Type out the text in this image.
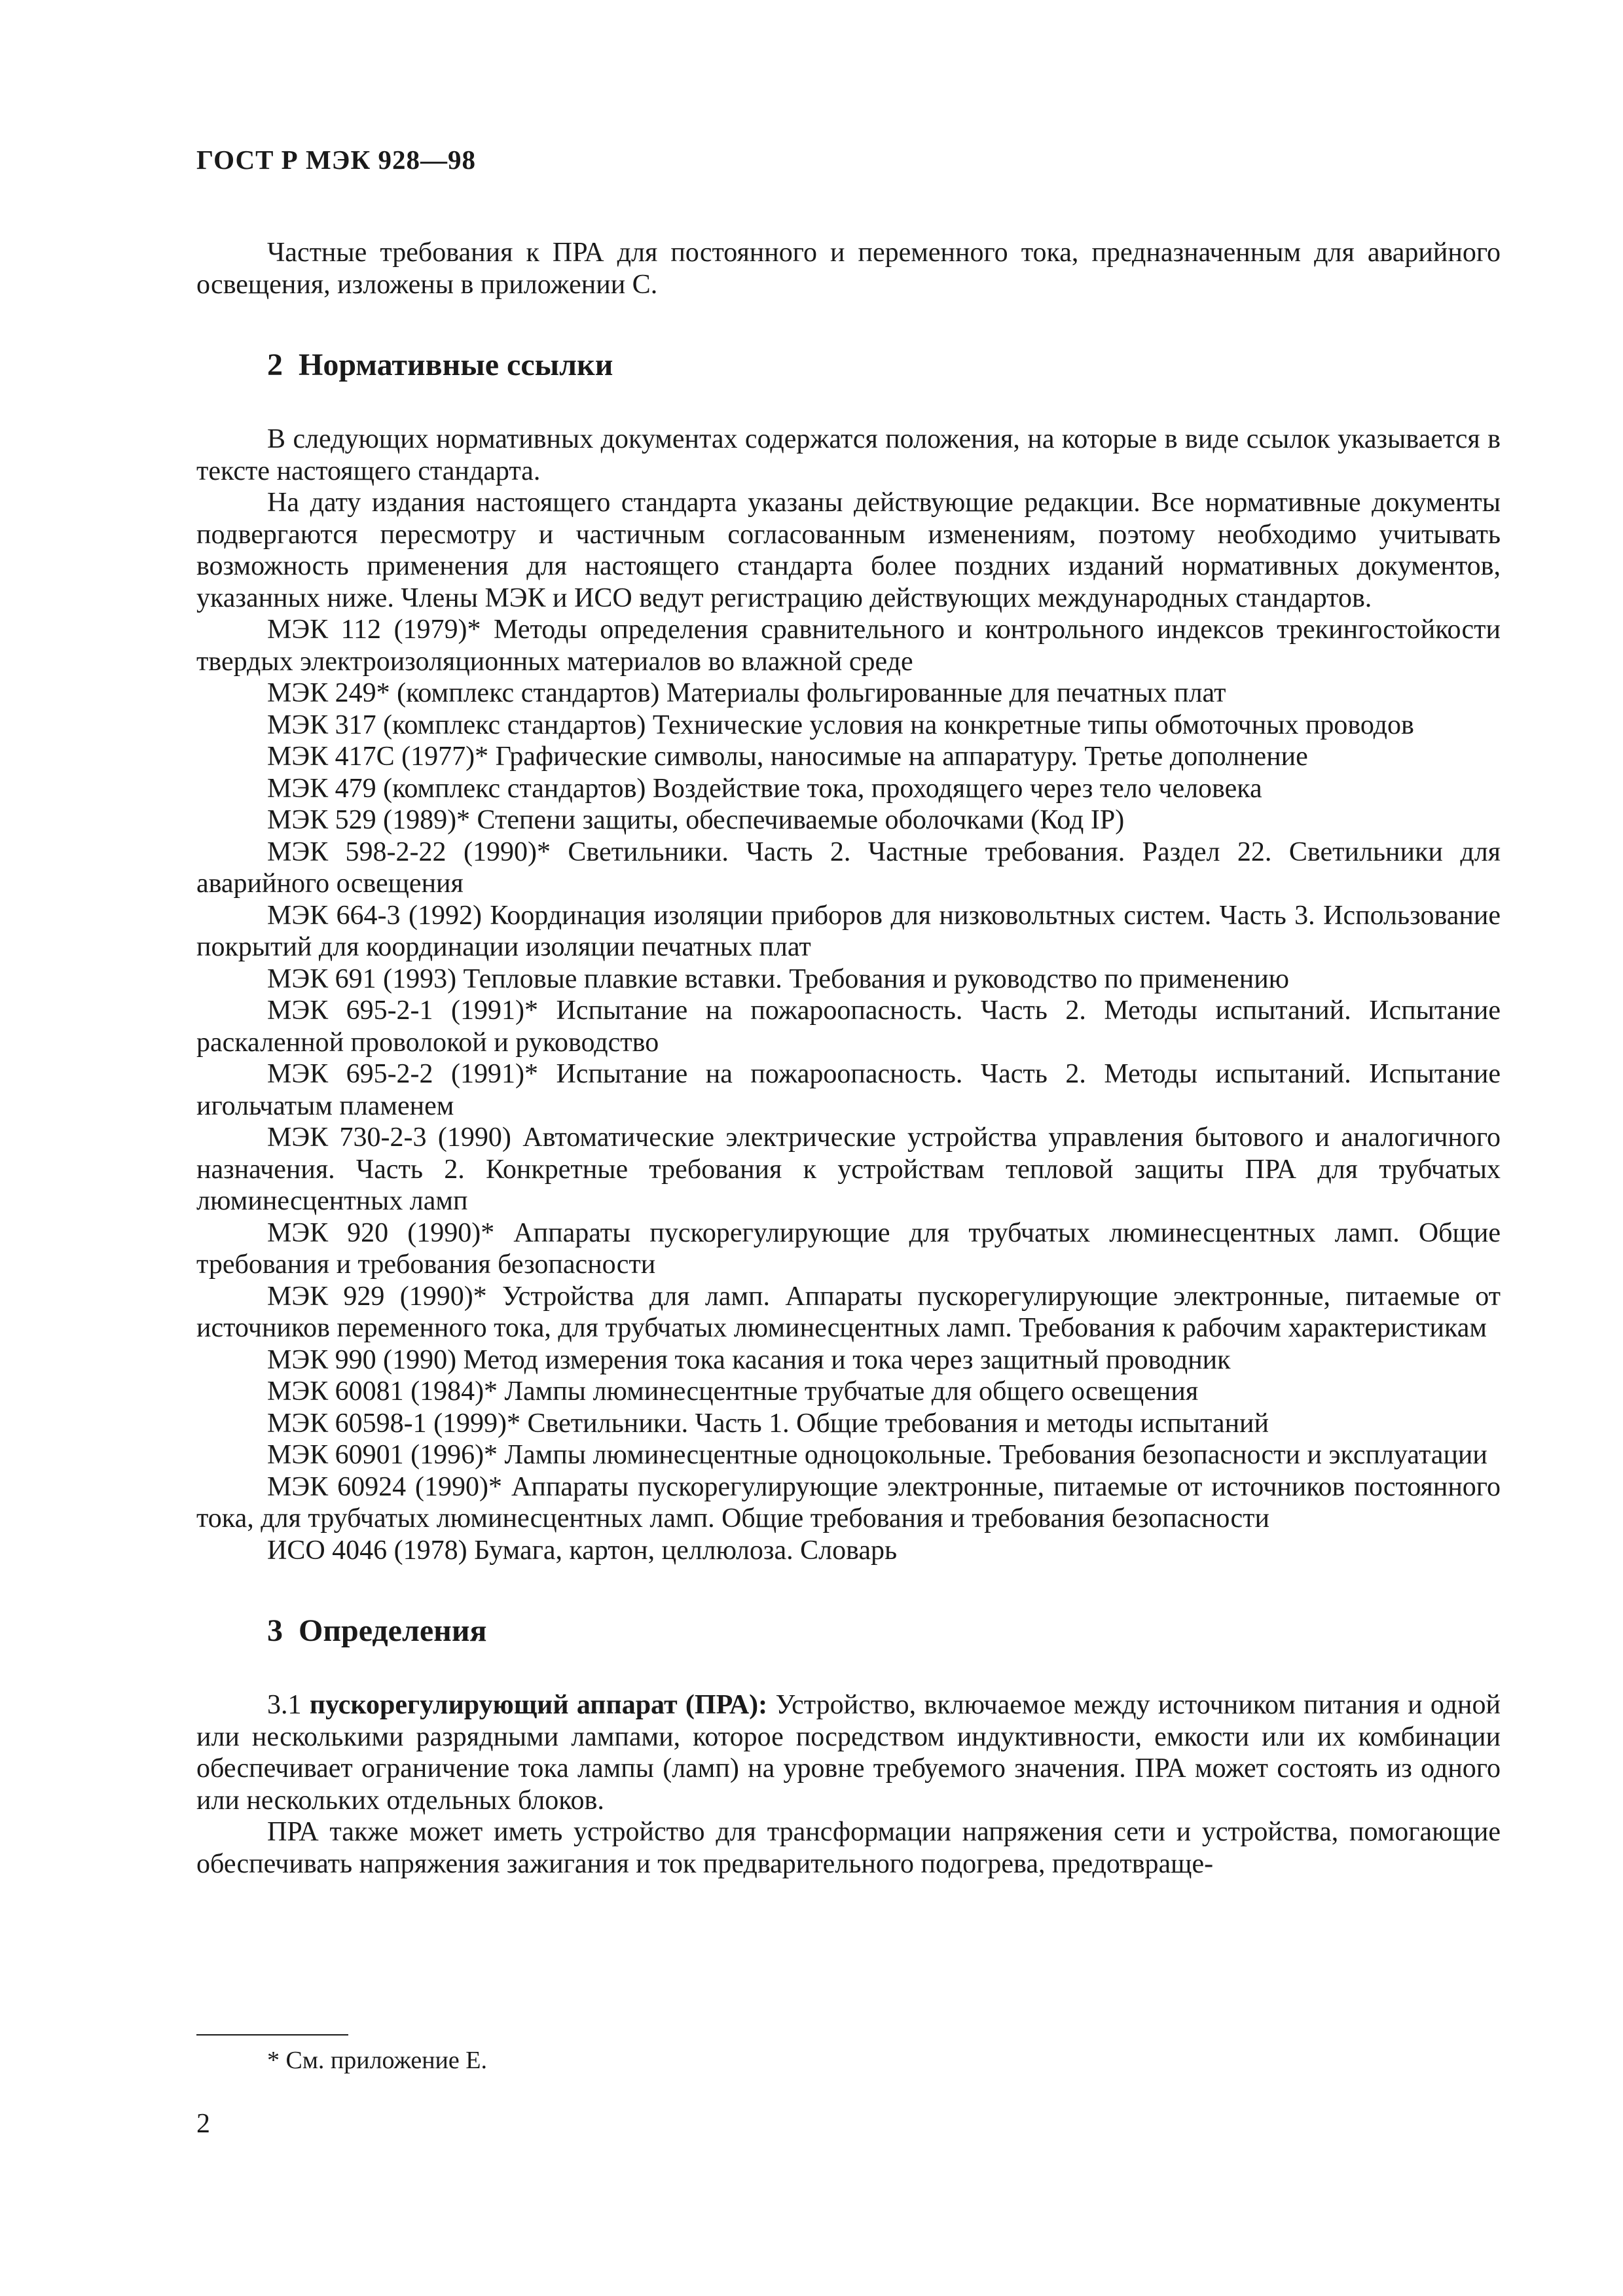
ГОСТ Р МЭК 928—98

Частные требования к ПРА для постоянного и переменного тока, предназначенным для аварийного освещения, изложены в приложении С.

2 Нормативные ссылки

В следующих нормативных документах содержатся положения, на которые в виде ссылок указывается в тексте настоящего стандарта.

На дату издания настоящего стандарта указаны действующие редакции. Все нормативные документы подвергаются пересмотру и частичным согласованным изменениям, поэтому необходимо учитывать возможность применения для настоящего стандарта более поздних изданий нормативных документов, указанных ниже. Члены МЭК и ИСО ведут регистрацию действующих международных стандартов.

МЭК 112 (1979)* Методы определения сравнительного и контрольного индексов трекингостойкости твердых электроизоляционных материалов во влажной среде

МЭК 249* (комплекс стандартов) Материалы фольгированные для печатных плат

МЭК 317 (комплекс стандартов) Технические условия на конкретные типы обмоточных проводов

МЭК 417С (1977)* Графические символы, наносимые на аппаратуру. Третье дополнение

МЭК 479 (комплекс стандартов) Воздействие тока, проходящего через тело человека

МЭК 529 (1989)* Степени защиты, обеспечиваемые оболочками (Код IP)

МЭК 598-2-22 (1990)* Светильники. Часть 2. Частные требования. Раздел 22. Светильники для аварийного освещения

МЭК 664-3 (1992) Координация изоляции приборов для низковольтных систем. Часть 3. Использование покрытий для координации изоляции печатных плат

МЭК 691 (1993) Тепловые плавкие вставки. Требования и руководство по применению

МЭК 695-2-1 (1991)* Испытание на пожароопасность. Часть 2. Методы испытаний. Испытание раскаленной проволокой и руководство

МЭК 695-2-2 (1991)* Испытание на пожароопасность. Часть 2. Методы испытаний. Испытание игольчатым пламенем

МЭК 730-2-3 (1990) Автоматические электрические устройства управления бытового и аналогичного назначения. Часть 2. Конкретные требования к устройствам тепловой защиты ПРА для трубчатых люминесцентных ламп

МЭК 920 (1990)* Аппараты пускорегулирующие для трубчатых люминесцентных ламп. Общие требования и требования безопасности

МЭК 929 (1990)* Устройства для ламп. Аппараты пускорегулирующие электронные, питаемые от источников переменного тока, для трубчатых люминесцентных ламп. Требования к рабочим характеристикам

МЭК 990 (1990) Метод измерения тока касания и тока через защитный проводник

МЭК 60081 (1984)* Лампы люминесцентные трубчатые для общего освещения

МЭК 60598-1 (1999)* Светильники. Часть 1. Общие требования и методы испытаний

МЭК 60901 (1996)* Лампы люминесцентные одноцокольные. Требования безопасности и эксплуатации

МЭК 60924 (1990)* Аппараты пускорегулирующие электронные, питаемые от источников постоянного тока, для трубчатых люминесцентных ламп. Общие требования и требования безопасности

ИСО 4046 (1978) Бумага, картон, целлюлоза. Словарь

3 Определения

3.1 пускорегулирующий аппарат (ПРА): Устройство, включаемое между источником питания и одной или несколькими разрядными лампами, которое посредством индуктивности, емкости или их комбинации обеспечивает ограничение тока лампы (ламп) на уровне требуемого значения. ПРА может состоять из одного или нескольких отдельных блоков.

ПРА также может иметь устройство для трансформации напряжения сети и устройства, помогающие обеспечивать напряжения зажигания и ток предварительного подогрева, предотвраще-

* См. приложение Е.
2
